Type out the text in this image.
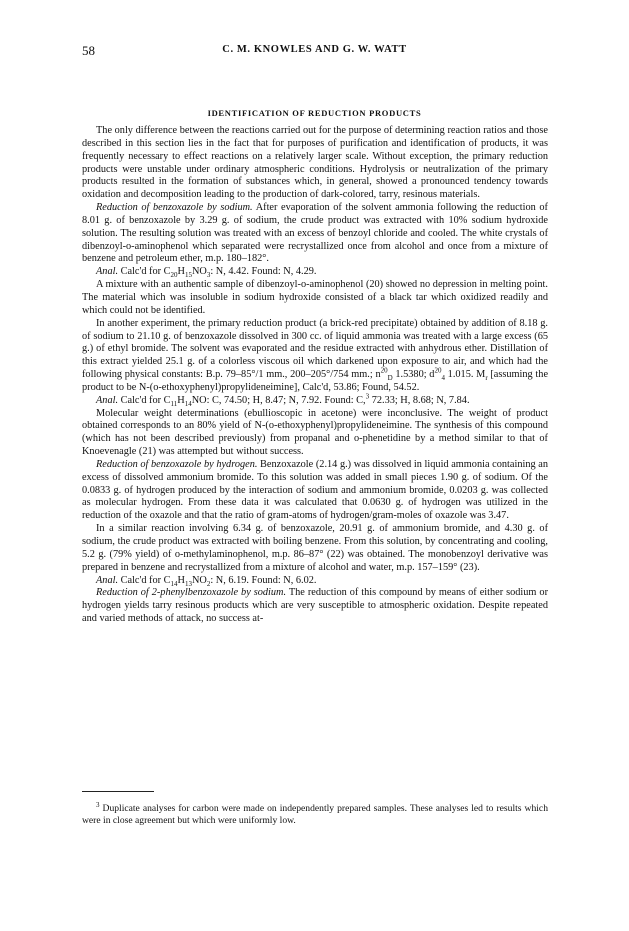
58	C. M. KNOWLES AND G. W. WATT
IDENTIFICATION OF REDUCTION PRODUCTS

The only difference between the reactions carried out for the purpose of determining reaction ratios and those described in this section lies in the fact that for purposes of purification and identification of products, it was frequently necessary to effect reactions on a relatively larger scale. Without exception, the primary reduction products were unstable under ordinary atmospheric conditions. Hydrolysis or neutralization of the primary products resulted in the formation of substances which, in general, showed a pronounced tendency towards oxidation and decomposition leading to the production of dark-colored, tarry, resinous materials.

Reduction of benzoxazole by sodium. After evaporation of the solvent ammonia following the reduction of 8.01 g. of benzoxazole by 3.29 g. of sodium, the crude product was extracted with 10% sodium hydroxide solution. The resulting solution was treated with an excess of benzoyl chloride and cooled. The white crystals of dibenzoyl-o-aminophenol which separated were recrystallized once from alcohol and once from a mixture of benzene and petroleum ether, m.p. 180–182°.

Anal. Calc'd for $C_{20}H_{15}NO_3$: N, 4.42. Found: N, 4.29.

A mixture with an authentic sample of dibenzoyl-o-aminophenol (20) showed no depression in melting point. The material which was insoluble in sodium hydroxide consisted of a black tar which oxidized readily and which could not be identified.

In another experiment, the primary reduction product (a brick-red precipitate) obtained by addition of 8.18 g. of sodium to 21.10 g. of benzoxazole dissolved in 300 cc. of liquid ammonia was treated with a large excess (65 g.) of ethyl bromide. The solvent was evaporated and the residue extracted with anhydrous ether. Distillation of this extract yielded 25.1 g. of a colorless viscous oil which darkened upon exposure to air, and which had the following physical constants: B.p. 79–85°/1 mm., 200–205°/754 mm.; $n^{20}_D$ 1.5380; $d^{20}_4$ 1.015. $M_r$ [assuming the product to be N-(o-ethoxyphenyl)propylideneimine], Calc'd, 53.86; Found, 54.52.

Anal. Calc'd for $C_{11}H_{14}NO$: C, 74.50; H, 8.47; N, 7.92. Found: C,$^3$ 72.33; H, 8.68; N, 7.84.

Molecular weight determinations (ebullioscopic in acetone) were inconclusive. The weight of product obtained corresponds to an 80% yield of N-(o-ethoxyphenyl)propylideneimine. The synthesis of this compound (which has not been described previously) from propanal and o-phenetidine by a method similar to that of Knoevenagle (21) was attempted but without success.

Reduction of benzoxazole by hydrogen. Benzoxazole (2.14 g.) was dissolved in liquid ammonia containing an excess of dissolved ammonium bromide. To this solution was added in small pieces 1.90 g. of sodium. Of the 0.0833 g. of hydrogen produced by the interaction of sodium and ammonium bromide, 0.0203 g. was collected as molecular hydrogen. From these data it was calculated that 0.0630 g. of hydrogen was utilized in the reduction of the oxazole and that the ratio of gram-atoms of hydrogen/gram-moles of oxazole was 3.47.

In a similar reaction involving 6.34 g. of benzoxazole, 20.91 g. of ammonium bromide, and 4.30 g. of sodium, the crude product was extracted with boiling benzene. From this solution, by concentrating and cooling, 5.2 g. (79% yield) of o-methylaminophenol, m.p. 86–87° (22) was obtained. The monobenzoyl derivative was prepared in benzene and recrystallized from a mixture of alcohol and water, m.p. 157–159° (23).

Anal. Calc'd for $C_{14}H_{13}NO_2$: N, 6.19. Found: N, 6.02.

Reduction of 2-phenylbenzoxazole by sodium. The reduction of this compound by means of either sodium or hydrogen yields tarry resinous products which are very susceptible to atmospheric oxidation. Despite repeated and varied methods of attack, no success at-

$^3$ Duplicate analyses for carbon were made on independently prepared samples. These analyses led to results which were in close agreement but which were uniformly low.
